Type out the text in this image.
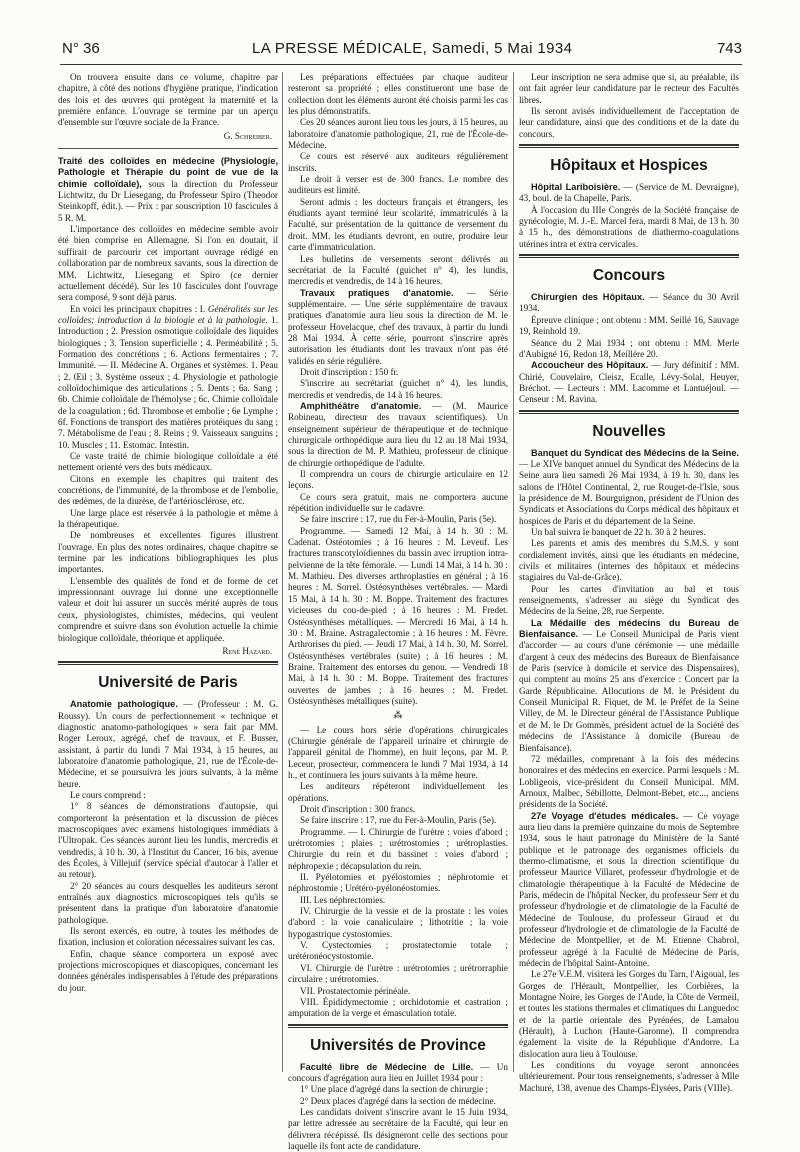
N° 36	LA PRESSE MÉDICALE, Samedi, 5 Mai 1934	743

On trouvera ensuite dans ce volume, chapitre par chapitre, à côté des notions d'hygiène pratique, l'indication des lois et des œuvres qui protègent la maternité et la première enfance. L'ouvrage se termine par un aperçu d'ensemble sur l'œuvre sociale de la France.

G. Schreiber.

Traité des colloïdes en médecine (Physiologie, Pathologie et Thérapie du point de vue de la chimie colloïdale), sous la direction du Professeur Lichtwitz, du Dr Liesegang, du Professeur Spiro (Theodor Steinkopff, édit.). — Prix : par souscription 10 fascicules à 5 R. M.

L'importance des colloïdes en médecine semble avoir été bien comprise en Allemagne. Si l'on en doutait, il suffirait de parcourir cet important ouvrage rédigé en collaboration par de nombreux savants, sous la direction de MM. Lichtwitz, Liesegang et Spiro (ce dernier actuellement décédé). Sur les 10 fascicules dont l'ouvrage sera composé, 9 sont déjà parus.

En voici les principaux chapitres : I. Généralités sur les colloïdes; introduction à la biologie et à la pathologie. 1. Introduction ; 2. Pression osmotique colloïdale des liquides biologiques ; 3. Tension superficielle ; 4. Perméabilité ; 5. Formation des concrétions ; 6. Actions fermentaires ; 7. Immunité. — II. Médecine A. Organes et systèmes. 1. Peau ; 2. Œil ; 3. Système osseux ; 4. Physiologie et pathologie colloïdochimique des articulations ; 5. Dents ; 6a. Sang ; 6b. Chimie colloïdale de l'hémolyse ; 6c. Chimie colloïdale de la coagulation ; 6d. Thrombose et embolie ; 6e Lymphe ; 6f. Fonctions de transport des matières protéiques du sang ; 7. Métabolisme de l'eau ; 8. Reins ; 9. Vaisseaux sanguins ; 10. Muscles ; 11. Estomac. Intestin.

Ce vaste traité de chimie biologique colloïdale a été nettement orienté vers des buts médicaux.

Citons en exemple les chapitres qui traitent des concrétions, de l'immunité, de la thrombose et de l'embolie, des œdèmes, de la diurèse, de l'artériosclérose, etc.

Une large place est réservée à la pathologie et même à la thérapeutique.

De nombreuses et excellentes figures illustrent l'ouvrage. En plus des notes ordinaires, chaque chapitre se termine par les indications bibliographiques les plus importantes.

L'ensemble des qualités de fond et de forme de cet impressionnant ouvrage lui donne une exceptionnelle valeur et doit lui assurer un succès mérité auprès de tous ceux, physiologistes, chimistes, médecins, qui veulent comprendre et suivre dans son évolution actuelle la chimie biologique colloïdale, théorique et appliquée.

René Hazard.

Université de Paris

Anatomie pathologique. — (Professeur : M. G. Roussy). Un cours de perfectionnement « technique et diagnostic anatomo-pathologiques » sera fait par MM. Roger Leroux, agrégé, chef de travaux, et F. Busser, assistant, à partir du lundi 7 Mai 1934, à 15 heures, au laboratoire d'anatomie pathologique, 21, rue de l'École-de-Médecine, et se poursuivra les jours suivants, à la même heure.

Le cours comprend :

1° 8 séances de démonstrations d'autopsie, qui comporteront la présentation et la discussion de pièces macroscopiques avec examens histologiques immédiats à l'Ultropak. Ces séances auront lieu les lundis, mercredis et vendredis, à 10 h. 30, à l'Institut du Cancer, 16 bis, avenue des Écoles, à Villejuif (service spécial d'autocar à l'aller et au retour).

2° 20 séances au cours desquelles les auditeurs seront entraînés aux diagnostics microscopiques tels qu'ils se présentent dans la pratique d'un laboratoire d'anatomie pathologique.

Ils seront exercés, en outre, à toutes les méthodes de fixation, inclusion et coloration nécessaires suivant les cas.

Enfin, chaque séance comportera un exposé avec projections microscopiques et diascopiques, concernant les données générales indispensables à l'étude des préparations du jour.

Les préparations effectuées par chaque auditeur resteront sa propriété ; elles constitueront une base de collection dont les éléments auront été choisis parmi les cas les plus démonstratifs.

Ces 20 séances auront lieu tous les jours, à 15 heures, au laboratoire d'anatomie pathologique, 21, rue de l'École-de-Médecine.

Ce cours est réservé aux auditeurs régulièrement inscrits.

Le droit à verser est de 300 francs. Le nombre des auditeurs est limité.

Seront admis : les docteurs français et étrangers, les étudiants ayant terminé leur scolarité, immatriculés à la Faculté, sur présentation de la quittance de versement du droit. MM. les étudiants devront, en outre, produire leur carte d'immatriculation.

Les bulletins de versements seront délivrés au secrétariat de la Faculté (guichet n° 4), les lundis, mercredis et vendredis, de 14 à 16 heures.

Travaux pratiques d'anatomie. — Série supplémentaire. — Une série supplémentaire de travaux pratiques d'anatomie aura lieu sous la direction de M. le professeur Hovelacque, chef des travaux, à partir du lundi 28 Mai 1934. À cette série, pourront s'inscrire après autorisation les étudiants dont les travaux n'ont pas été validés en série régulière.

Droit d'inscription : 150 fr.

S'inscrire au secrétariat (guichet n° 4), les lundis, mercredis et vendredis, de 14 à 16 heures.

Amphithéâtre d'anatomie. — (M. Maurice Robineau, directeur des travaux scientifiques). Un enseignement supérieur de thérapeutique et de technique chirurgicale orthopédique aura lieu du 12 au 18 Mai 1934, sous la direction de M. P. Mathieu, professeur de clinique de chirurgie orthopédique de l'adulte.

Il comprendra un cours de chirurgie articulaire en 12 leçons.

Ce cours sera gratuit, mais ne comportera aucune répétition individuelle sur le cadavre.

Se faire inscrire : 17, rue du Fer-à-Moulin, Paris (5e).

Programme. — Samedi 12 Mai, à 14 h. 30 : M. Cadenat. Ostéotomies ; à 16 heures : M. Leveuf. Les fractures transcotyloïdiennes du bassin avec irruption intra-pelvienne de la tête fémorale. — Lundi 14 Mai, à 14 h. 30 : M. Mathieu. Des diverses arthroplasties en général ; à 16 heures : M. Sorrel. Ostéosynthèses vertébrales. — Mardi 15 Mai, à 14 h. 30 : M. Boppe. Traitement des fractures vicieuses du cou-de-pied ; à 16 heures : M. Fredet. Ostéosynthèses métalliques. — Mercredi 16 Mai, à 14 h. 30 : M. Braine. Astragalectomie ; à 16 heures : M. Fèvre. Arthrorises du pied. — Jeudi 17 Mai, à 14 h. 30, M. Sorrel. Ostéosynthèses vertébrales (suite) ; à 16 heures : M. Braine. Traitement des entorses du genou. — Vendredi 18 Mai, à 14 h. 30 : M. Boppe. Traitement des fractures ouvertes de jambes ; à 16 heures : M. Fredet. Ostéosynthèses métalliques (suite).

⁂

— Le cours hors série d'opérations chirurgicales (Chirurgie générale de l'appareil urinaire et chirurgie de l'appareil génital de l'homme), en huit leçons, par M. P. Leceur, prosecteur, commencera le lundi 7 Mai 1934, à 14 h., et continuera les jours suivants à la même heure.

Les auditeurs répéteront individuellement les opérations.

Droit d'inscription : 300 francs.

Se faire inscrire : 17, rue du Fer-à-Moulin, Paris (5e).

Programme. — I. Chirurgie de l'urètre : voies d'abord ; urétrotomies ; plaies ; urétrostomies ; urétroplasties. Chirurgie du rein et du bassinet : voies d'abord ; néphropexie ; décapsulation du rein.

II. Pyélotomies et pyélostomies ; néphrotomie et néphrostomie ; Urétéro-pyélonéostomies.

III. Les néphrectomies.

IV. Chirurgie de la vessie et de la prostate : les voies d'abord : la voie canaliculaire ; lithotritie ; la voie hypogastrique cystostomies.

V. Cystectomies ; prostatectomie totale ; urétéronéocystostomie.

VI. Chirurgie de l'urètre : urétrotomies ; urétrorraphie circulaire ; urétrotomies.

VII. Prostatectomie périnéale.

VIII. Épididymectomie ; orchidotomie et castration ; amputation de la verge et émasculation totale.

Universités de Province

Faculté libre de Médecine de Lille. — Un concours d'agrégation aura lieu en Juillet 1934 pour :

1° Une place d'agrégé dans la section de chirurgie ;

2° Deux places d'agrégé dans la section de médecine.

Les candidats doivent s'inscrire avant le 15 Juin 1934, par lettre adressée au secrétaire de la Faculté, qui leur en délivrera récépissé. Ils désigneront celle des sections pour laquelle ils font acte de candidature.

Leur inscription ne sera admise que si, au préalable, ils ont fait agréer leur candidature par le recteur des Facultés libres.

Ils seront avisés individuellement de l'acceptation de leur candidature, ainsi que des conditions et de la date du concours.

Hôpitaux et Hospices

Hôpital Lariboisière. — (Service de M. Devraigne), 43, boul. de la Chapelle, Paris.

À l'occasion du IIIe Congrès de la Société française de gynécologie, M. J.-E. Marcel fera, mardi 8 Mai, de 13 h. 30 à 15 h., des démonstrations de diathermo-coagulations utérines intra et extra cervicales.

Concours

Chirurgien des Hôpitaux. — Séance du 30 Avril 1934.

Épreuve clinique ; ont obtenu : MM. Seillé 16, Sauvage 19, Reinhold 19.

Séance du 2 Mai 1934 ; ont obtenu : MM. Merle d'Aubigné 16, Redon 18, Meillère 20.

Accoucheur des Hôpitaux. — Jury définitif : MM. Chirié, Couvelaire, Cleisz, Ecalle, Lévy-Solal, Heuyer, Bréchot. — Lecteurs : MM. Lacomme et Lantuéjoul. — Censeur : M. Ravina.

Nouvelles

Banquet du Syndicat des Médecins de la Seine. — Le XIVe banquet annuel du Syndicat des Médecins de la Seine aura lieu samedi 26 Mai 1934, à 19 h. 30, dans les salons de l'Hôtel Continental, 2, rue Rouget-de-l'Isle, sous la présidence de M. Bourguignon, président de l'Union des Syndicats et Associations du Corps médical des hôpitaux et hospices de Paris et du département de la Seine.

Un bal suivra le banquet de 22 h. 30 à 2 heures.

Les parents et amis des membres du S.M.S. y sont cordialement invités, ainsi que les étudiants en médecine, civils et militaires (internes des hôpitaux et médecins stagiaires du Val-de-Grâce).

Pour les cartes d'invitation au bal et tous renseignements, s'adresser au siège du Syndicat des Médecins de la Seine, 28, rue Serpente.

La Médaille des médecins du Bureau de Bienfaisance. — Le Conseil Municipal de Paris vient d'accorder — au cours d'une cérémonie — une médaille d'argent à ceux des médecins des Bureaux de Bienfaisance de Paris (service à domicile et service des Dispensaires), qui comptent au moins 25 ans d'exercice : Concert par la Garde Républicaine. Allocutions de M. le Président du Conseil Municipal R. Fiquet, de M. le Préfet de la Seine Villey, de M. le Directeur général de l'Assistance Publique et de M. le Dr Gommès, président actuel de la Société des médecins de l'Assistance à domicile (Bureau de Bienfaisance).

72 médailles, comprenant à la fois des médecins honoraires et des médecins en exercice. Parmi lesquels : M. Lobligeois, vice-président du Conseil Municipal. MM. Arnoux, Malbec, Sébillotte, Delmont-Bebet, etc..., anciens présidents de la Société.

27e Voyage d'études médicales. — Ce voyage aura lieu dans la première quinzaine du mois de Septembre 1934, sous le haut patronage du Ministère de la Santé publique et le patronage des organismes officiels du thermo-climatisme, et sous la direction scientifique du professeur Maurice Villaret, professeur d'hydrologie et de climatologie thérapeutique à la Faculté de Médecine de Paris, médecin de l'hôpital Necker, du professeur Serr et du professeur d'hydrologie et de climatologie de la Faculté de Médecine de Toulouse, du professeur Giraud et du professeur d'hydrologie et de climatologie de la Faculté de Médecine de Montpellier, et de M. Etienne Chabrol, professeur agrégé à la Faculté de Médecine de Paris, médecin de l'hôpital Saint-Antoine.

Le 27e V.E.M. visitera les Gorges du Tarn, l'Aigoual, les Gorges de l'Hérault, Montpellier, les Corbières, la Montagne Noire, les Gorges de l'Aude, la Côte de Vermeil, et toutes les stations thermales et climatiques du Languedoc et de la partie orientale des Pyrénées, de Lamalou (Hérault), à Luchon (Haute-Garonne). Il comprendra également la visite de la République d'Andorre. La dislocation aura lieu à Toulouse.

Les conditions du voyage seront annoncées ultérieurement. Pour tous renseignements, s'adresser à Mlle Machuré, 138, avenue des Champs-Élysées, Paris (VIIIe).
